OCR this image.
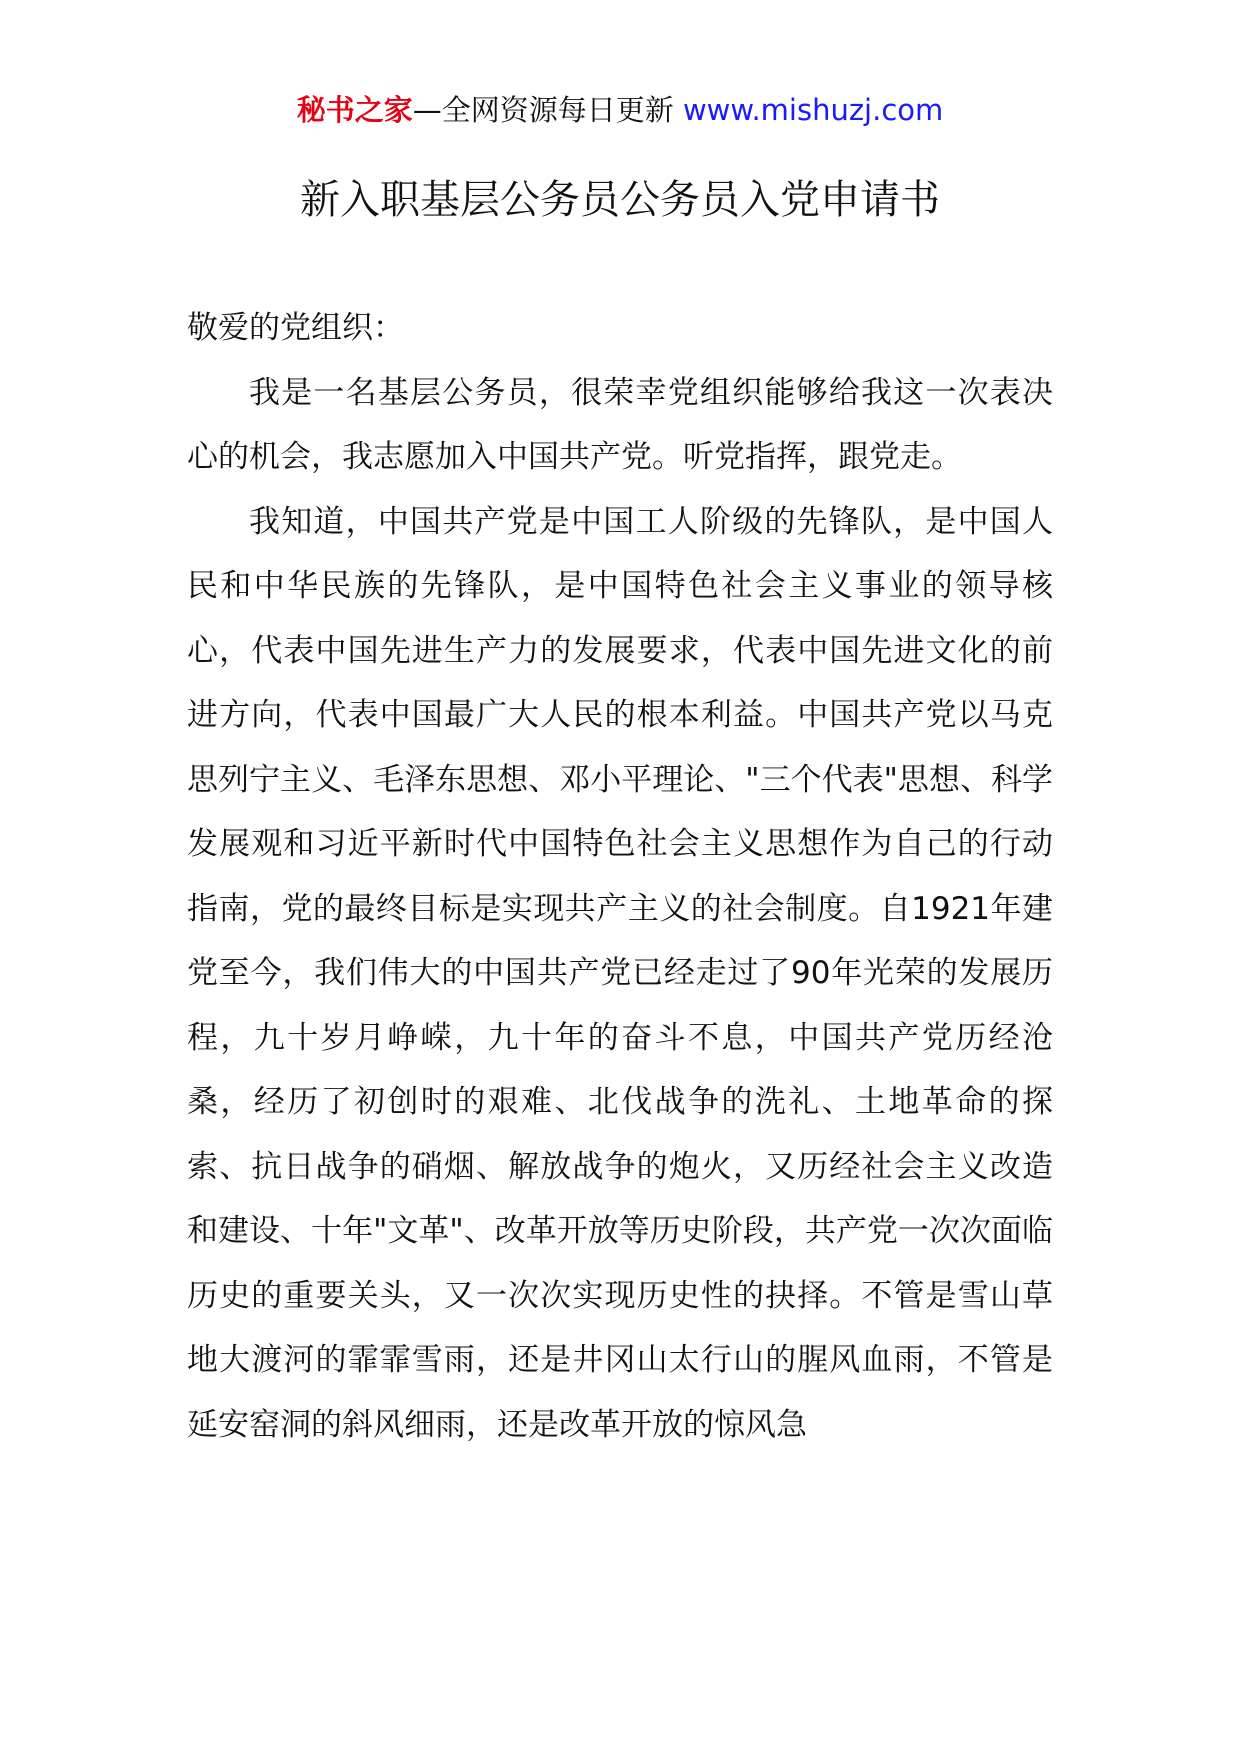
秘书之家—全网资源每日更新 www.mishuzj.com
新入职基层公务员公务员入党申请书

敬爱的党组织：

我是一名基层公务员，很荣幸党组织能够给我这一次表决心的机会，我志愿加入中国共产党。听党指挥，跟党走。

我知道，中国共产党是中国工人阶级的先锋队，是中国人民和中华民族的先锋队，是中国特色社会主义事业的领导核心，代表中国先进生产力的发展要求，代表中国先进文化的前进方向，代表中国最广大人民的根本利益。中国共产党以马克思列宁主义、毛泽东思想、邓小平理论、"三个代表"思想、科学发展观和习近平新时代中国特色社会主义思想作为自己的行动指南，党的最终目标是实现共产主义的社会制度。自1921年建党至今，我们伟大的中国共产党已经走过了90年光荣的发展历程，九十岁月峥嵘，九十年的奋斗不息，中国共产党历经沧桑，经历了初创时的艰难、北伐战争的洗礼、土地革命的探索、抗日战争的硝烟、解放战争的炮火，又历经社会主义改造和建设、十年"文革"、改革开放等历史阶段，共产党一次次面临历史的重要关头，又一次次实现历史性的抉择。不管是雪山草地大渡河的霏霏雪雨，还是井冈山太行山的腥风血雨，不管是延安窑洞的斜风细雨，还是改革开放的惊风急
